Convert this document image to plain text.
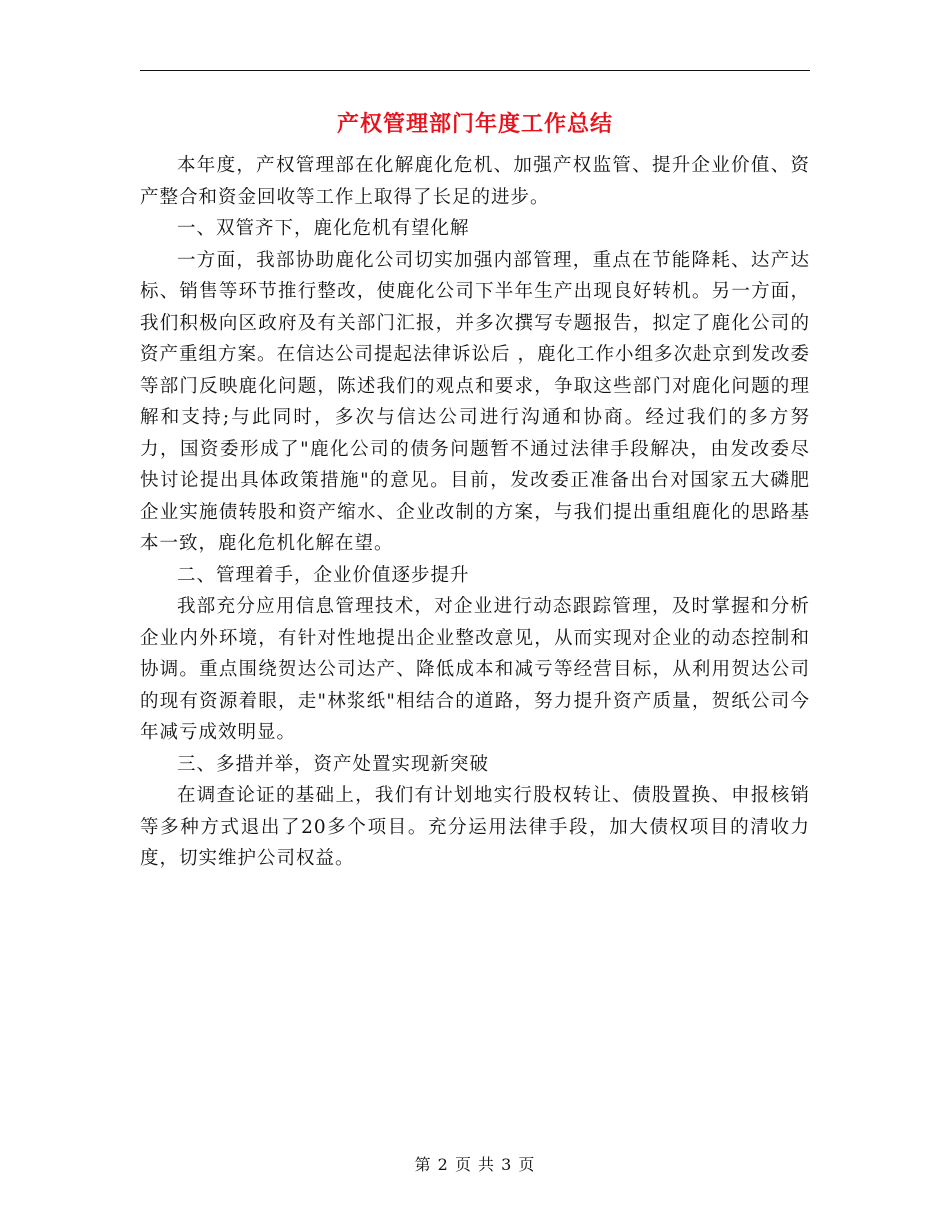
产权管理部门年度工作总结

本年度，产权管理部在化解鹿化危机、加强产权监管、提升企业价值、资产整合和资金回收等工作上取得了长足的进步。

一、双管齐下，鹿化危机有望化解

一方面，我部协助鹿化公司切实加强内部管理，重点在节能降耗、达产达标、销售等环节推行整改，使鹿化公司下半年生产出现良好转机。另一方面，我们积极向区政府及有关部门汇报，并多次撰写专题报告，拟定了鹿化公司的资产重组方案。在信达公司提起法律诉讼后 ，鹿化工作小组多次赴京到发改委等部门反映鹿化问题，陈述我们的观点和要求，争取这些部门对鹿化问题的理解和支持;与此同时，多次与信达公司进行沟通和协商。经过我们的多方努力，国资委形成了"鹿化公司的债务问题暂不通过法律手段解决，由发改委尽快讨论提出具体政策措施"的意见。目前，发改委正准备出台对国家五大磷肥企业实施债转股和资产缩水、企业改制的方案，与我们提出重组鹿化的思路基本一致，鹿化危机化解在望。

二、管理着手，企业价值逐步提升

我部充分应用信息管理技术，对企业进行动态跟踪管理，及时掌握和分析企业内外环境，有针对性地提出企业整改意见，从而实现对企业的动态控制和协调。重点围绕贺达公司达产、降低成本和减亏等经营目标，从利用贺达公司的现有资源着眼，走"林浆纸"相结合的道路，努力提升资产质量，贺纸公司今年减亏成效明显。

三、多措并举，资产处置实现新突破

在调查论证的基础上，我们有计划地实行股权转让、债股置换、申报核销等多种方式退出了20多个项目。充分运用法律手段，加大债权项目的清收力度，切实维护公司权益。

第 2 页 共 3 页
